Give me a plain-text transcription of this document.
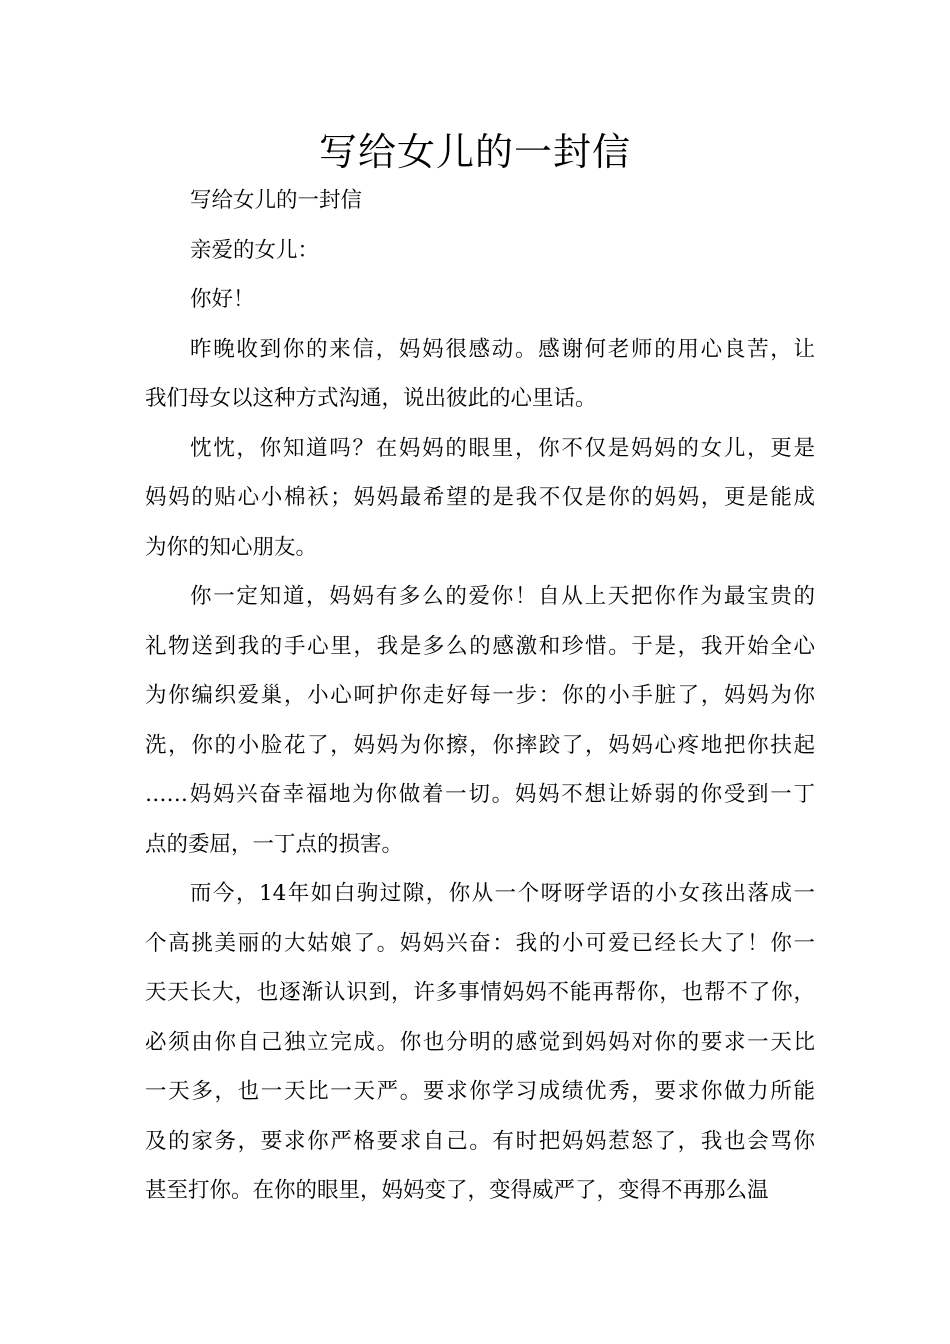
写给女儿的一封信
写给女儿的一封信
亲爱的女儿：
你好！
昨晚收到你的来信，妈妈很感动。感谢何老师的用心良苦，让
我们母女以这种方式沟通，说出彼此的心里话。
忱忱，你知道吗？在妈妈的眼里，你不仅是妈妈的女儿，更是
妈妈的贴心小棉袄；妈妈最希望的是我不仅是你的妈妈，更是能成
为你的知心朋友。
你一定知道，妈妈有多么的爱你！自从上天把你作为最宝贵的
礼物送到我的手心里，我是多么的感激和珍惜。于是，我开始全心
为你编织爱巢，小心呵护你走好每一步：你的小手脏了，妈妈为你
洗，你的小脸花了，妈妈为你擦，你摔跤了，妈妈心疼地把你扶起
……妈妈兴奋幸福地为你做着一切。妈妈不想让娇弱的你受到一丁
点的委屈，一丁点的损害。
而今，14年如白驹过隙，你从一个呀呀学语的小女孩出落成一
个高挑美丽的大姑娘了。妈妈兴奋：我的小可爱已经长大了！你一
天天长大，也逐渐认识到，许多事情妈妈不能再帮你，也帮不了你，
必须由你自己独立完成。你也分明的感觉到妈妈对你的要求一天比
一天多，也一天比一天严。要求你学习成绩优秀，要求你做力所能
及的家务，要求你严格要求自己。有时把妈妈惹怒了，我也会骂你
甚至打你。在你的眼里，妈妈变了，变得威严了，变得不再那么温
